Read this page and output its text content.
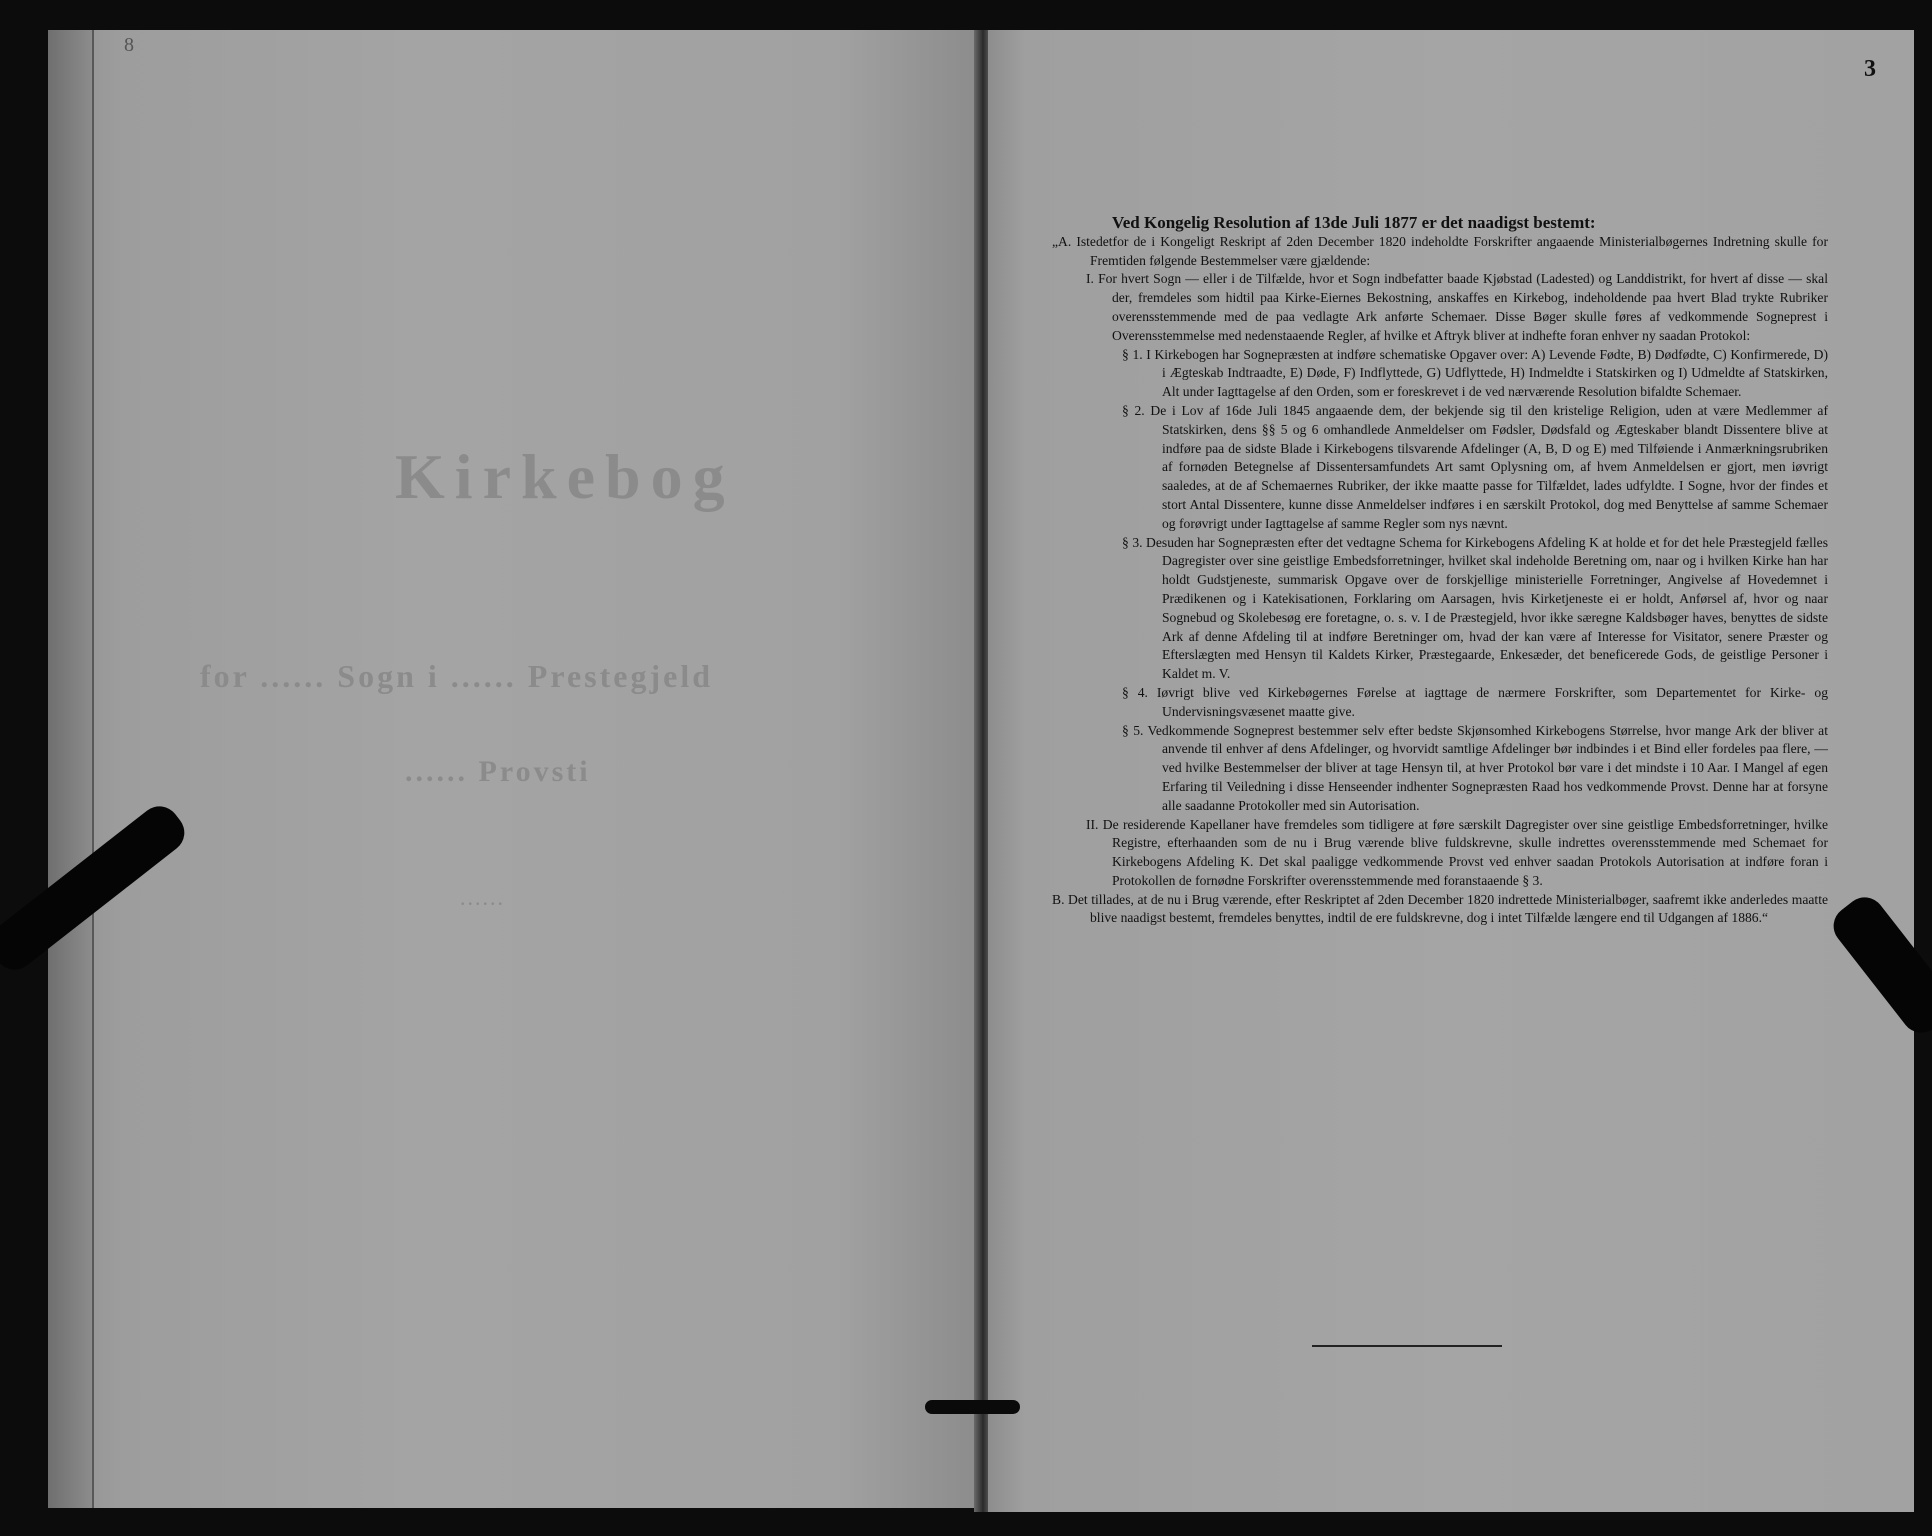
8
3
Kirkebog
for ...... Sogn i ...... Prestegjeld
...... Provsti
......

Ved Kongelig Resolution af 13de Juli 1877 er det naadigst bestemt:

„A. Istedetfor de i Kongeligt Reskript af 2den December 1820 indeholdte Forskrifter angaaende Ministerialbøgernes Indretning skulle for Fremtiden følgende Bestemmelser være gjældende:

I. For hvert Sogn — eller i de Tilfælde, hvor et Sogn indbefatter baade Kjøbstad (Ladested) og Landdistrikt, for hvert af disse — skal der, fremdeles som hidtil paa Kirke-Eiernes Bekostning, anskaffes en Kirkebog, indeholdende paa hvert Blad trykte Rubriker overensstemmende med de paa vedlagte Ark anførte Schemaer. Disse Bøger skulle føres af vedkommende Sogneprest i Overensstemmelse med nedenstaaende Regler, af hvilke et Aftryk bliver at indhefte foran enhver ny saadan Protokol:

§ 1. I Kirkebogen har Sognepræsten at indføre schematiske Opgaver over: A) Levende Fødte, B) Dødfødte, C) Konfirmerede, D) i Ægteskab Indtraadte, E) Døde, F) Indflyttede, G) Udflyttede, H) Indmeldte i Statskirken og I) Udmeldte af Statskirken, Alt under Iagttagelse af den Orden, som er foreskrevet i de ved nærværende Resolution bifaldte Schemaer.

§ 2. De i Lov af 16de Juli 1845 angaaende dem, der bekjende sig til den kristelige Religion, uden at være Medlemmer af Statskirken, dens §§ 5 og 6 omhandlede Anmeldelser om Fødsler, Dødsfald og Ægteskaber blandt Dissentere blive at indføre paa de sidste Blade i Kirkebogens tilsvarende Afdelinger (A, B, D og E) med Tilføiende i Anmærkningsrubriken af fornøden Betegnelse af Dissentersamfundets Art samt Oplysning om, af hvem Anmeldelsen er gjort, men iøvrigt saaledes, at de af Schemaernes Rubriker, der ikke maatte passe for Tilfældet, lades udfyldte. I Sogne, hvor der findes et stort Antal Dissentere, kunne disse Anmeldelser indføres i en særskilt Protokol, dog med Benyttelse af samme Schemaer og forøvrigt under Iagttagelse af samme Regler som nys nævnt.

§ 3. Desuden har Sognepræsten efter det vedtagne Schema for Kirkebogens Afdeling K at holde et for det hele Præstegjeld fælles Dagregister over sine geistlige Embedsforretninger, hvilket skal indeholde Beretning om, naar og i hvilken Kirke han har holdt Gudstjeneste, summarisk Opgave over de forskjellige ministerielle Forretninger, Angivelse af Hovedemnet i Prædikenen og i Katekisationen, Forklaring om Aarsagen, hvis Kirketjeneste ei er holdt, Anførsel af, hvor og naar Sognebud og Skolebesøg ere foretagne, o. s. v. I de Præstegjeld, hvor ikke særegne Kaldsbøger haves, benyttes de sidste Ark af denne Afdeling til at indføre Beretninger om, hvad der kan være af Interesse for Visitator, senere Præster og Efterslægten med Hensyn til Kaldets Kirker, Præstegaarde, Enkesæder, det beneficerede Gods, de geistlige Personer i Kaldet m. V.

§ 4. Iøvrigt blive ved Kirkebøgernes Førelse at iagttage de nærmere Forskrifter, som Departementet for Kirke- og Undervisningsvæsenet maatte give.

§ 5. Vedkommende Sogneprest bestemmer selv efter bedste Skjønsomhed Kirkebogens Størrelse, hvor mange Ark der bliver at anvende til enhver af dens Afdelinger, og hvorvidt samtlige Afdelinger bør indbindes i et Bind eller fordeles paa flere, — ved hvilke Bestemmelser der bliver at tage Hensyn til, at hver Protokol bør vare i det mindste i 10 Aar. I Mangel af egen Erfaring til Veiledning i disse Henseender indhenter Sognepræsten Raad hos vedkommende Provst. Denne har at forsyne alle saadanne Protokoller med sin Autorisation.

II. De residerende Kapellaner have fremdeles som tidligere at føre særskilt Dagregister over sine geistlige Embedsforretninger, hvilke Registre, efterhaanden som de nu i Brug værende blive fuldskrevne, skulle indrettes overensstemmende med Schemaet for Kirkebogens Afdeling K. Det skal paaligge vedkommende Provst ved enhver saadan Protokols Autorisation at indføre foran i Protokollen de fornødne Forskrifter overensstemmende med foranstaaende § 3.

B. Det tillades, at de nu i Brug værende, efter Reskriptet af 2den December 1820 indrettede Ministerialbøger, saafremt ikke anderledes maatte blive naadigst bestemt, fremdeles benyttes, indtil de ere fuldskrevne, dog i intet Tilfælde længere end til Udgangen af 1886.“
